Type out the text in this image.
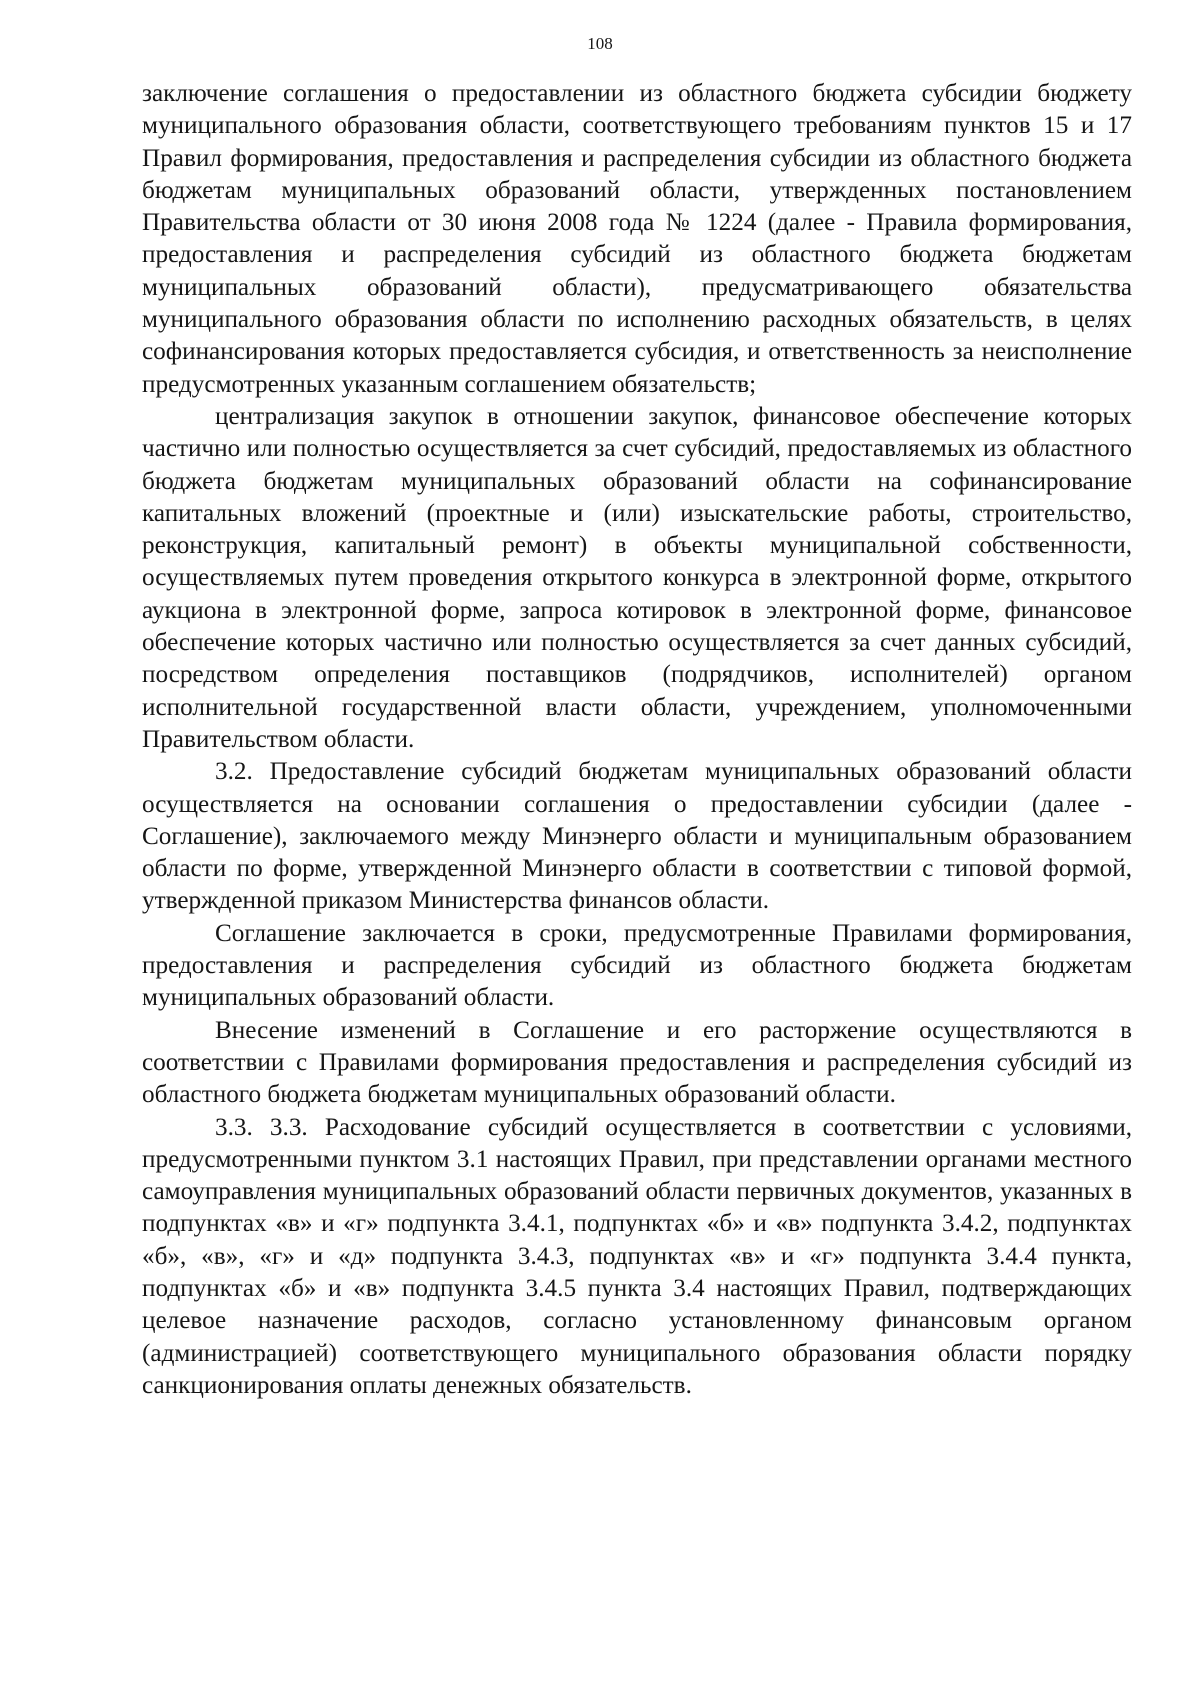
108

заключение соглашения о предоставлении из областного бюджета субсидии бюджету муниципального образования области, соответствующего требованиям пунктов 15 и 17 Правил формирования, предоставления и распределения субсидии из областного бюджета бюджетам муниципальных образований области, утвержденных постановлением Правительства области от 30 июня 2008 года № 1224 (далее - Правила формирования, предоставления и распределения субсидий из областного бюджета бюджетам муниципальных образований области), предусматривающего обязательства муниципального образования области по исполнению расходных обязательств, в целях софинансирования которых предоставляется субсидия, и ответственность за неисполнение предусмотренных указанным соглашением обязательств;

централизация закупок в отношении закупок, финансовое обеспечение которых частично или полностью осуществляется за счет субсидий, предоставляемых из областного бюджета бюджетам муниципальных образований области на софинансирование капитальных вложений (проектные и (или) изыскательские работы, строительство, реконструкция, капитальный ремонт) в объекты муниципальной собственности, осуществляемых путем проведения открытого конкурса в электронной форме, открытого аукциона в электронной форме, запроса котировок в электронной форме, финансовое обеспечение которых частично или полностью осуществляется за счет данных субсидий, посредством определения поставщиков (подрядчиков, исполнителей) органом исполнительной государственной власти области, учреждением, уполномоченными Правительством области.

3.2. Предоставление субсидий бюджетам муниципальных образований области осуществляется на основании соглашения о предоставлении субсидии (далее - Соглашение), заключаемого между Минэнерго области и муниципальным образованием области по форме, утвержденной Минэнерго области в соответствии с типовой формой, утвержденной приказом Министерства финансов области.

Соглашение заключается в сроки, предусмотренные Правилами формирования, предоставления и распределения субсидий из областного бюджета бюджетам муниципальных образований области.

Внесение изменений в Соглашение и его расторжение осуществляются в соответствии с Правилами формирования предоставления и распределения субсидий из областного бюджета бюджетам муниципальных образований области.

3.3. 3.3. Расходование субсидий осуществляется в соответствии с условиями, предусмотренными пунктом 3.1 настоящих Правил, при представлении органами местного самоуправления муниципальных образований области первичных документов, указанных в подпунктах «в» и «г» подпункта 3.4.1, подпунктах «б» и «в» подпункта 3.4.2, подпунктах «б», «в», «г» и «д» подпункта 3.4.3, подпунктах «в» и «г» подпункта 3.4.4 пункта, подпунктах «б» и «в» подпункта 3.4.5 пункта 3.4 настоящих Правил, подтверждающих целевое назначение расходов, согласно установленному финансовым органом (администрацией) соответствующего муниципального образования области порядку санкционирования оплаты денежных обязательств.
